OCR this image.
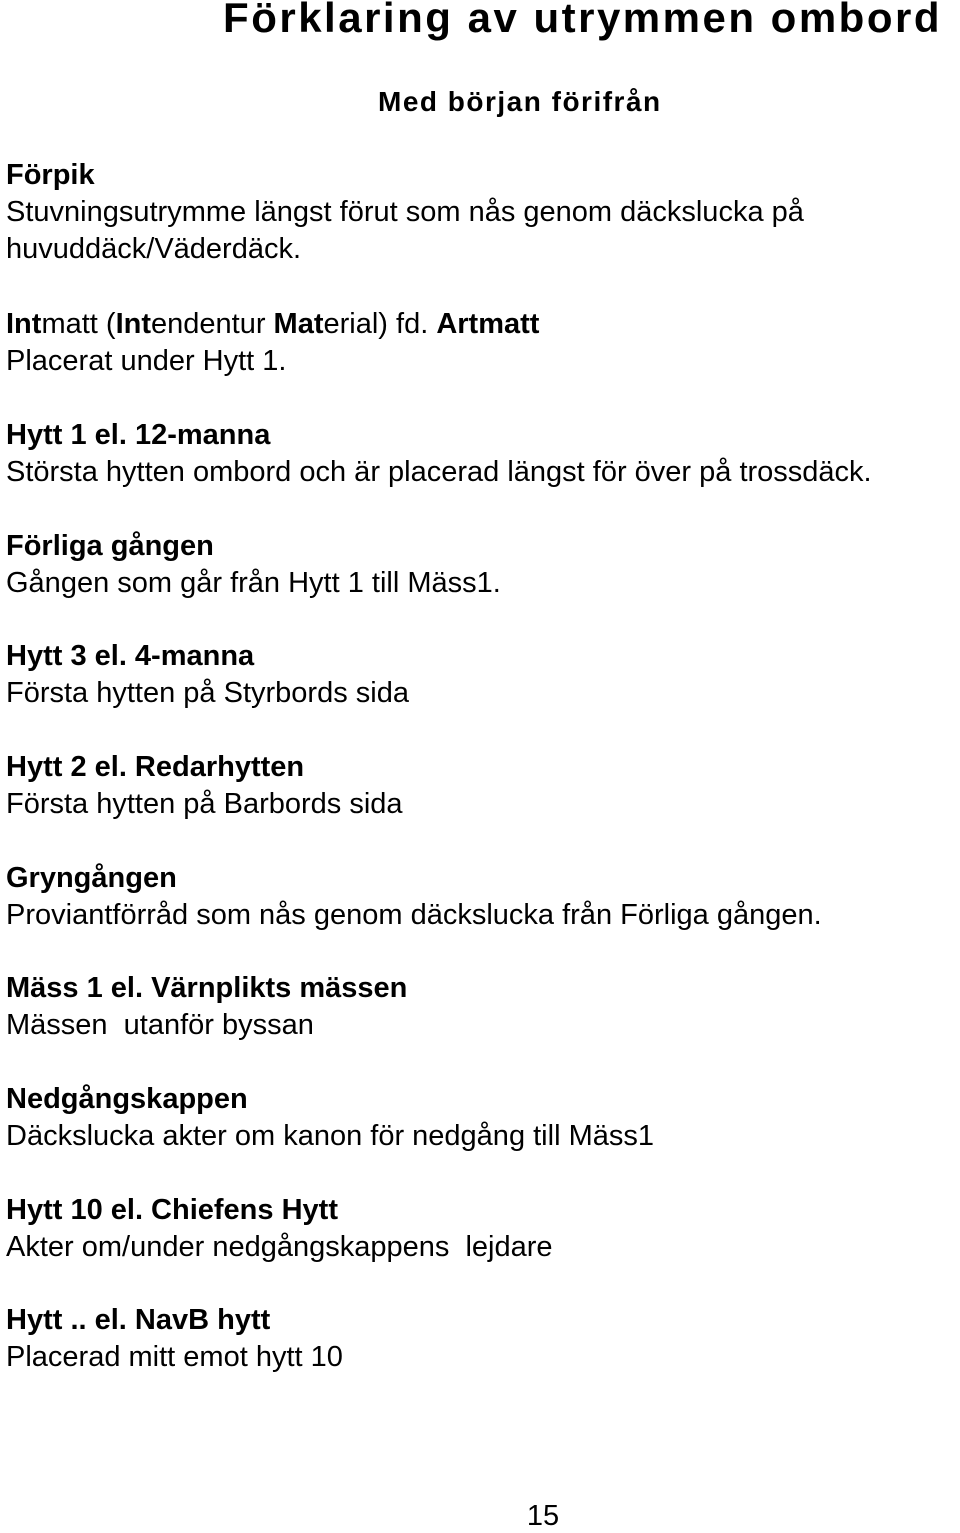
Förklaring av utrymmen ombord
Med början förifrån
Förpik
Stuvningsutrymme längst förut som nås genom däckslucka på huvuddäck/Väderdäck.
Intmatt (Intendentur Material) fd. Artmatt
Placerat under Hytt 1.
Hytt 1 el. 12-manna
Största hytten ombord och är placerad längst för över på trossdäck.
Förliga gången
Gången som går från Hytt 1 till Mäss1.
Hytt 3 el. 4-manna
Första hytten på Styrbords sida
Hytt 2 el. Redarhytten
Första hytten på Barbords sida
Gryngången
Proviantförråd som nås genom däckslucka från Förliga gången.
Mäss 1 el. Värnplikts mässen
Mässen  utanför byssan
Nedgångskappen
Däckslucka akter om kanon för nedgång till Mäss1
Hytt 10 el. Chiefens Hytt
Akter om/under nedgångskappens  lejdare
Hytt .. el. NavB hytt
Placerad mitt emot hytt 10
15
